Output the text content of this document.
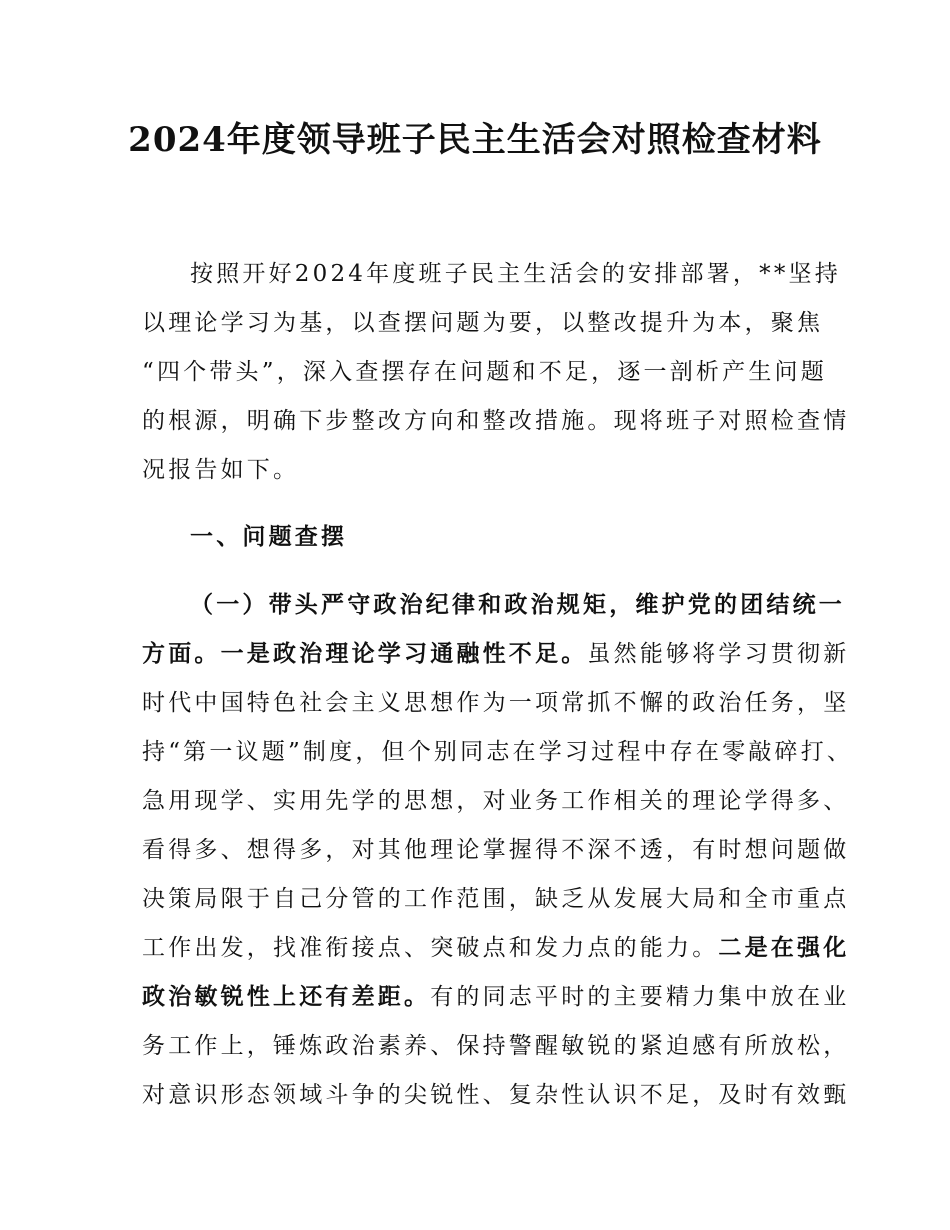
2024年度领导班子民主生活会对照检查材料
按照开好2024年度班子民主生活会的安排部署，**坚持
以理论学习为基，以查摆问题为要，以整改提升为本，聚焦
“四个带头”，深入查摆存在问题和不足，逐一剖析产生问题
的根源，明确下步整改方向和整改措施。现将班子对照检查情
况报告如下。
一、问题查摆
（一）带头严守政治纪律和政治规矩，维护党的团结统一
方面。一是政治理论学习通融性不足。虽然能够将学习贯彻新
时代中国特色社会主义思想作为一项常抓不懈的政治任务，坚
持“第一议题”制度，但个别同志在学习过程中存在零敲碎打、
急用现学、实用先学的思想，对业务工作相关的理论学得多、
看得多、想得多，对其他理论掌握得不深不透，有时想问题做
决策局限于自己分管的工作范围，缺乏从发展大局和全市重点
工作出发，找准衔接点、突破点和发力点的能力。二是在强化
政治敏锐性上还有差距。有的同志平时的主要精力集中放在业
务工作上，锤炼政治素养、保持警醒敏锐的紧迫感有所放松，
对意识形态领域斗争的尖锐性、复杂性认识不足，及时有效甄
